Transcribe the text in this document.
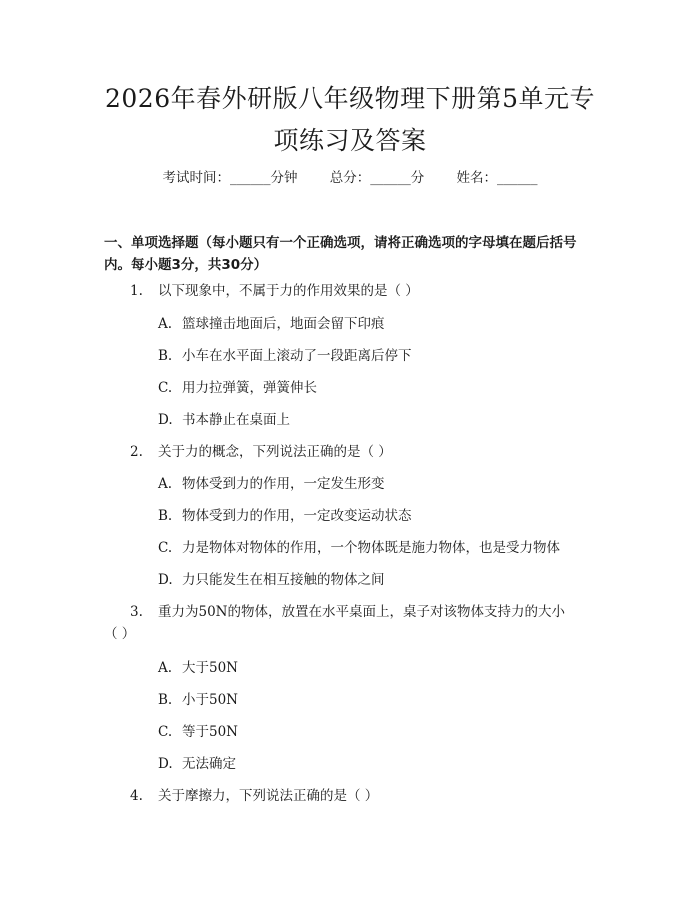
2026年春外研版八年级物理下册第5单元专
项练习及答案
考试时间：______分钟 总分：______分 姓名：______
一、单项选择题（每小题只有一个正确选项，请将正确选项的字母填在题后括号
内。每小题3分，共30分）
1. 以下现象中，不属于力的作用效果的是（ ）
A. 篮球撞击地面后，地面会留下印痕
B. 小车在水平面上滚动了一段距离后停下
C. 用力拉弹簧，弹簧伸长
D. 书本静止在桌面上
2. 关于力的概念，下列说法正确的是（ ）
A. 物体受到力的作用，一定发生形变
B. 物体受到力的作用，一定改变运动状态
C. 力是物体对物体的作用，一个物体既是施力物体，也是受力物体
D. 力只能发生在相互接触的物体之间
3. 重力为50N的物体，放置在水平桌面上，桌子对该物体支持力的大小
（ ）
A. 大于50N
B. 小于50N
C. 等于50N
D. 无法确定
4. 关于摩擦力，下列说法正确的是（ ）
